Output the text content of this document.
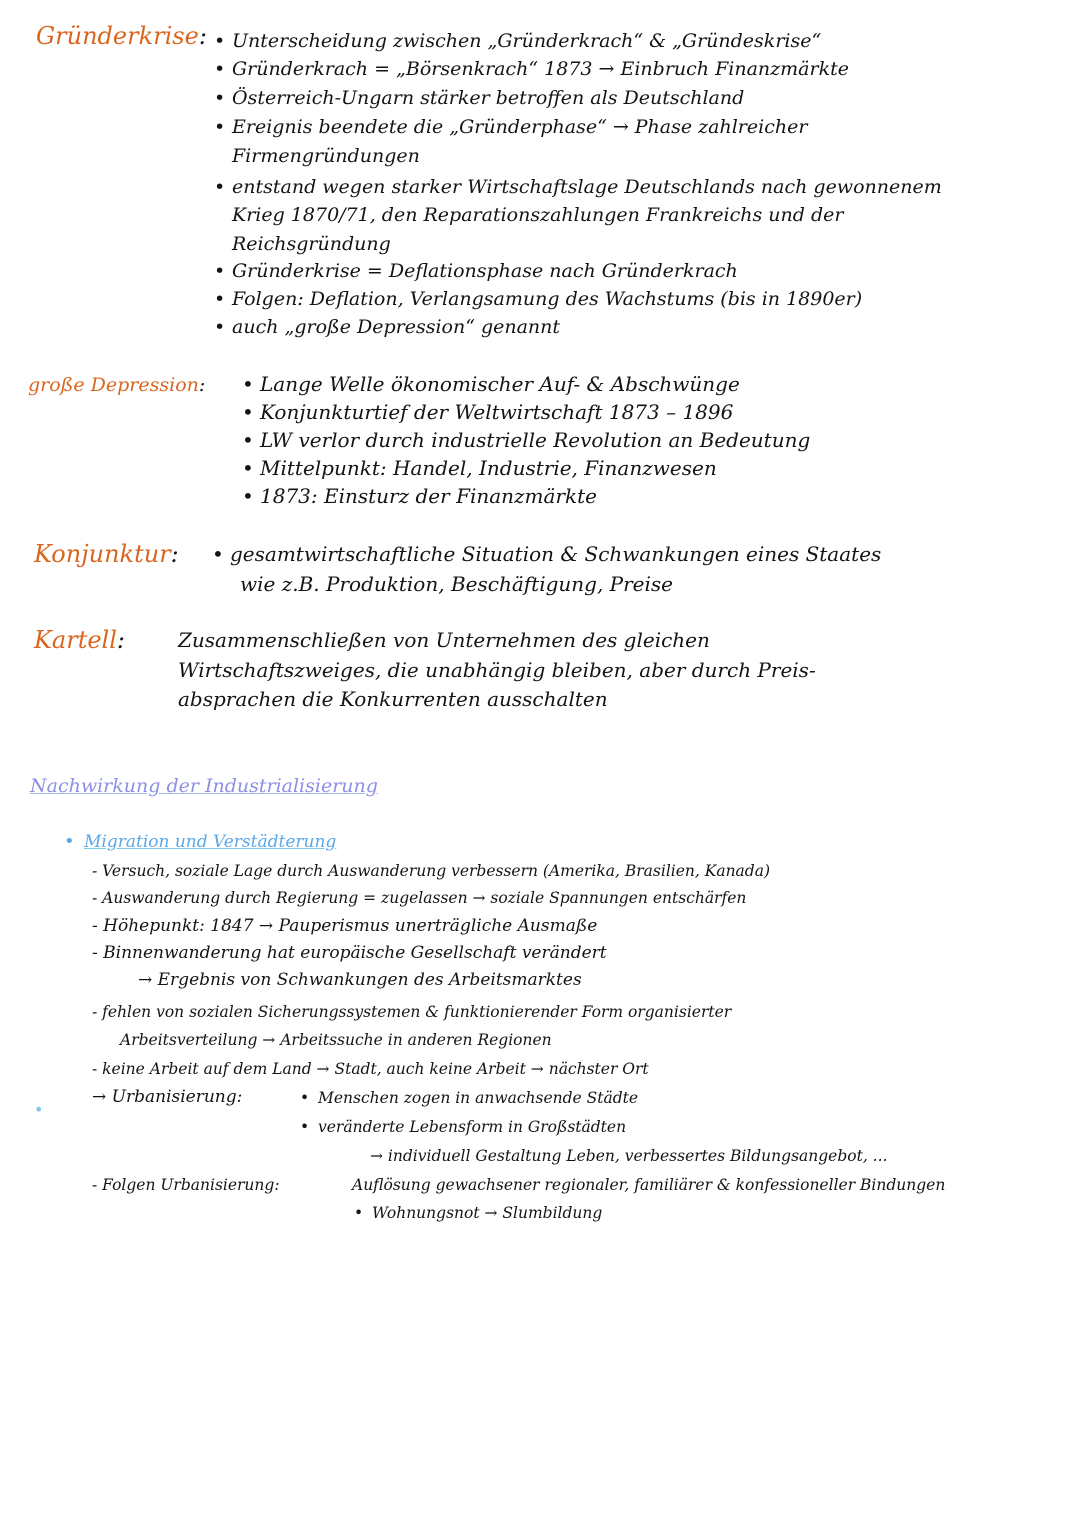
Gründerkrise: • Unterscheidung zwischen „Gründerkrach“ & „Gründeskrise“

• Gründerkrach = „Börsenkrach“ 1873 → Einbruch Finanzmärkte

• Österreich-Ungarn stärker betroffen als Deutschland

• Ereignis beendete die „Gründerphase“ → Phase zahlreicher

Firmengründungen

• entstand wegen starker Wirtschaftslage Deutschlands nach gewonnenem

Krieg 1870/71, den Reparationszahlungen Frankreichs und der

Reichsgründung

• Gründerkrise = Deflationsphase nach Gründerkrach

• Folgen: Deflation, Verlangsamung des Wachstums (bis in 1890er)

• auch „große Depression“ genannt

große Depression:	• Lange Welle ökonomischer Auf- & Abschwünge

• Konjunkturtief der Weltwirtschaft 1873 – 1896

• LW verlor durch industrielle Revolution an Bedeutung

• Mittelpunkt: Handel, Industrie, Finanzwesen

• 1873: Einsturz der Finanzmärkte

Konjunktur:	• gesamtwirtschaftliche Situation & Schwankungen eines Staates

wie z.B. Produktion, Beschäftigung, Preise

Kartell:	Zusammenschließen von Unternehmen des gleichen

Wirtschaftszweiges, die unabhängig bleiben, aber durch Preis-

absprachen die Konkurrenten ausschalten

Nachwirkung der Industrialisierung

• Migration und Verstädterung

- Versuch, soziale Lage durch Auswanderung verbessern (Amerika, Brasilien, Kanada)

- Auswanderung durch Regierung = zugelassen → soziale Spannungen entschärfen

- Höhepunkt: 1847 → Pauperismus unerträgliche Ausmaße

- Binnenwanderung hat europäische Gesellschaft verändert

→ Ergebnis von Schwankungen des Arbeitsmarktes

- fehlen von sozialen Sicherungssystemen & funktionierender Form organisierter

Arbeitsverteilung → Arbeitssuche in anderen Regionen

- keine Arbeit auf dem Land → Stadt, auch keine Arbeit → nächster Ort

•

→ Urbanisierung:	• Menschen zogen in anwachsende Städte

• veränderte Lebensform in Großstädten

→ individuell Gestaltung Leben, verbessertes Bildungsangebot, ...

- Folgen Urbanisierung:	Auflösung gewachsener regionaler, familiärer & konfessioneller Bindungen

• Wohnungsnot → Slumbildung
